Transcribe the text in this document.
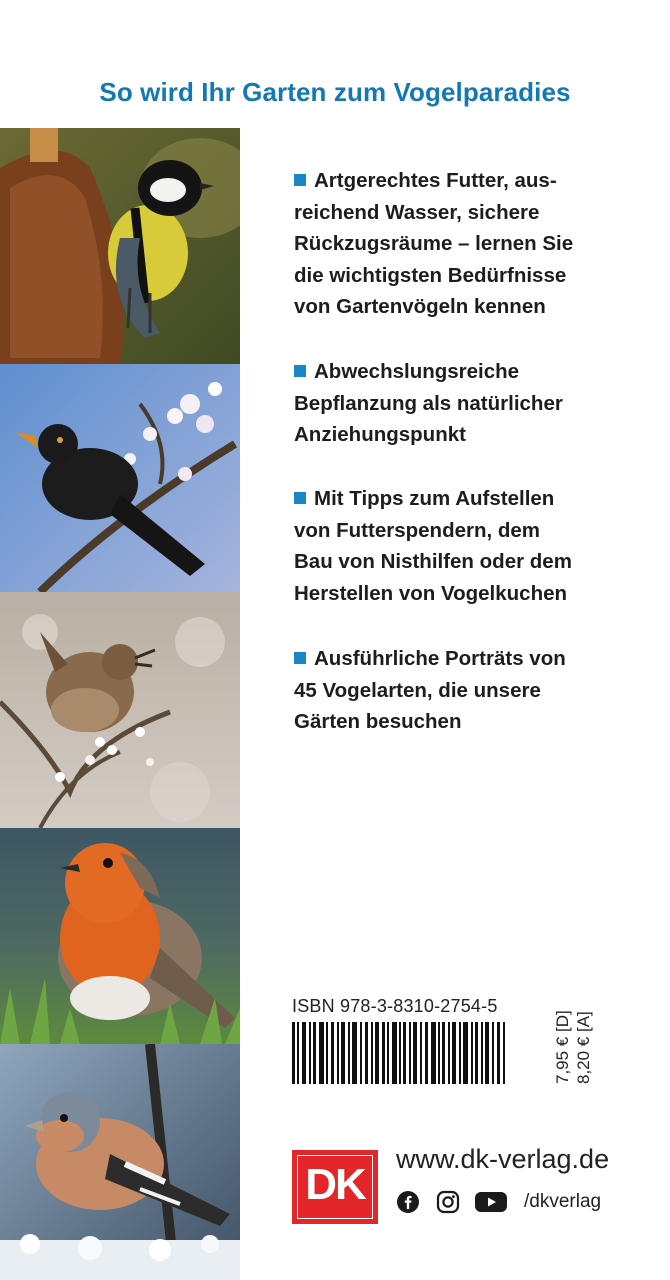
So wird Ihr Garten zum Vogelparadies

Artgerechtes Futter, aus-
reichend Wasser, sichere
Rückzugsräume – lernen Sie
die wichtigsten Bedürfnisse
von Gartenvögeln kennen

Abwechslungsreiche
Bepflanzung als natürlicher
Anziehungspunkt

Mit Tipps zum Aufstellen
von Futterspendern, dem
Bau von Nisthilfen oder dem
Herstellen von Vogelkuchen

Ausführliche Porträts von
45 Vogelarten, die unsere
Gärten besuchen

ISBN 978-3-8310-2754-5
7,95 € [D] 8,20 € [A]
DK
www.dk-verlag.de
/dkverlag
